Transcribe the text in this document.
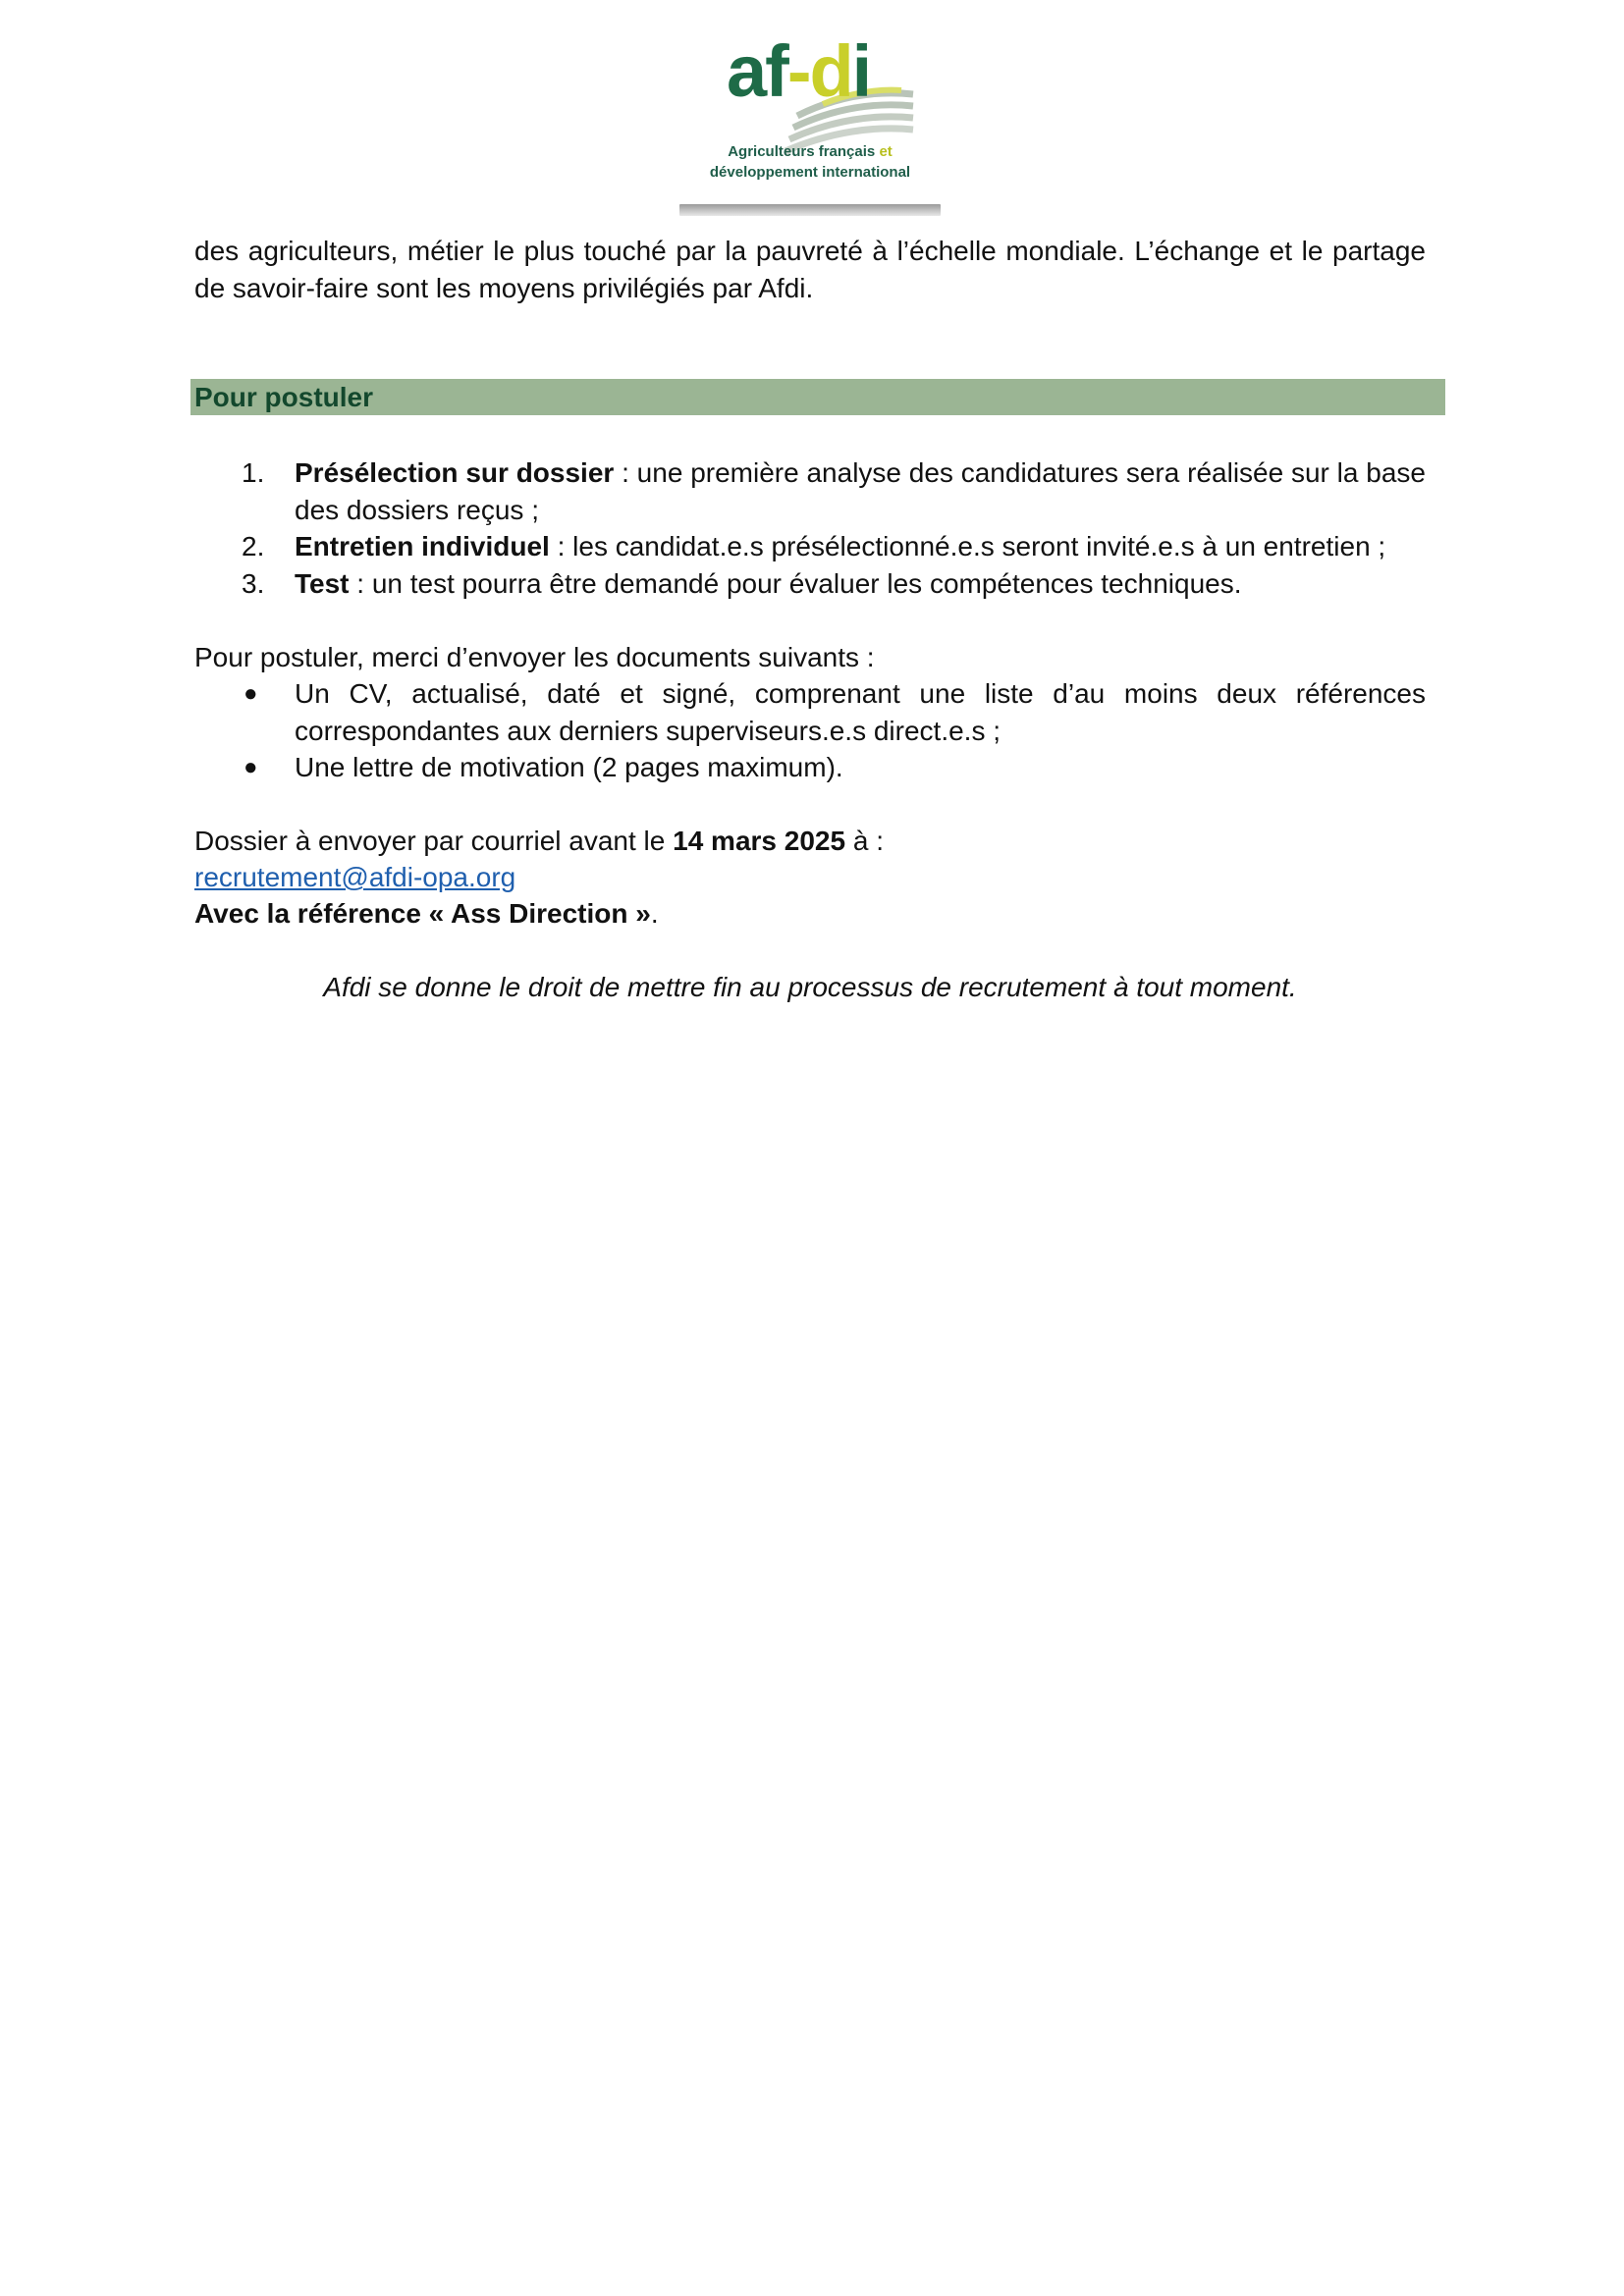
af-di
Agriculteurs français et
développement international
des agriculteurs, métier le plus touché par la pauvreté à l’échelle mondiale. L’échange et le partage de savoir-faire sont les moyens privilégiés par Afdi.
Pour postuler
1. Présélection sur dossier : une première analyse des candidatures sera réalisée sur la base des dossiers reçus ;
2. Entretien individuel : les candidat.e.s présélectionné.e.s seront invité.e.s à un entretien ;
3. Test : un test pourra être demandé pour évaluer les compétences techniques.
Pour postuler, merci d’envoyer les documents suivants :
● Un CV, actualisé, daté et signé, comprenant une liste d’au moins deux références correspondantes aux derniers superviseurs.e.s direct.e.s ;
● Une lettre de motivation (2 pages maximum).
Dossier à envoyer par courriel avant le 14 mars 2025 à :
recrutement@afdi-opa.org
Avec la référence « Ass Direction ».
Afdi se donne le droit de mettre fin au processus de recrutement à tout moment.
